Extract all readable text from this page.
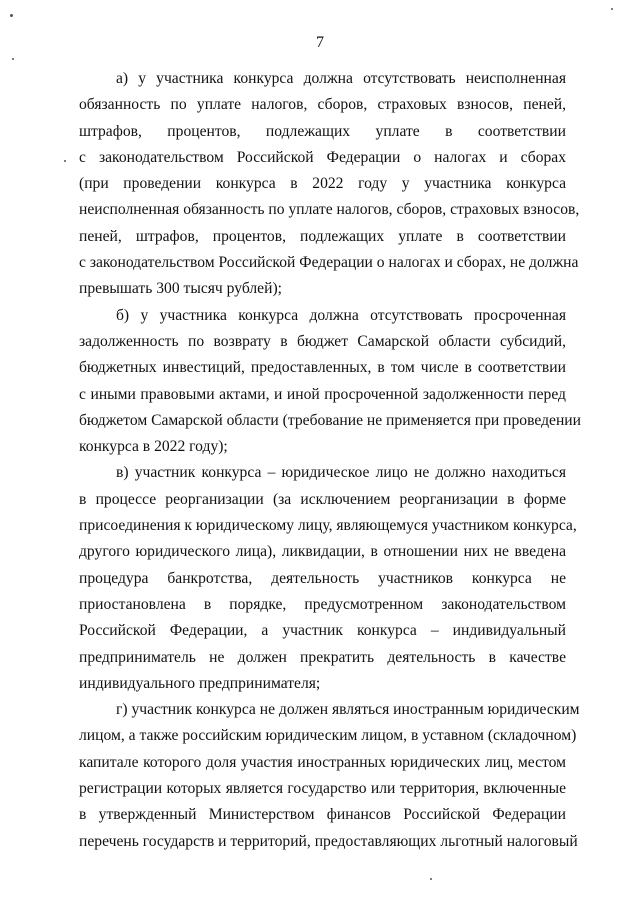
7
а) у участника конкурса должна отсутствовать неисполненная
обязанность по уплате налогов, сборов, страховых взносов, пеней,
штрафов, процентов, подлежащих уплате в соответствии
с законодательством Российской Федерации о налогах и сборах
(при проведении конкурса в 2022 году у участника конкурса
неисполненная обязанность по уплате налогов, сборов, страховых взносов,
пеней, штрафов, процентов, подлежащих уплате в соответствии
с законодательством Российской Федерации о налогах и сборах, не должна
превышать 300 тысяч рублей);
б) у участника конкурса должна отсутствовать просроченная
задолженность по возврату в бюджет Самарской области субсидий,
бюджетных инвестиций, предоставленных, в том числе в соответствии
с иными правовыми актами, и иной просроченной задолженности перед
бюджетом Самарской области (требование не применяется при проведении
конкурса в 2022 году);
в) участник конкурса – юридическое лицо не должно находиться
в процессе реорганизации (за исключением реорганизации в форме
присоединения к юридическому лицу, являющемуся участником конкурса,
другого юридического лица), ликвидации, в отношении них не введена
процедура банкротства, деятельность участников конкурса не
приостановлена в порядке, предусмотренном законодательством
Российской Федерации, а участник конкурса – индивидуальный
предприниматель не должен прекратить деятельность в качестве
индивидуального предпринимателя;
г) участник конкурса не должен являться иностранным юридическим
лицом, а также российским юридическим лицом, в уставном (складочном)
капитале которого доля участия иностранных юридических лиц, местом
регистрации которых является государство или территория, включенные
в утвержденный Министерством финансов Российской Федерации
перечень государств и территорий, предоставляющих льготный налоговый
